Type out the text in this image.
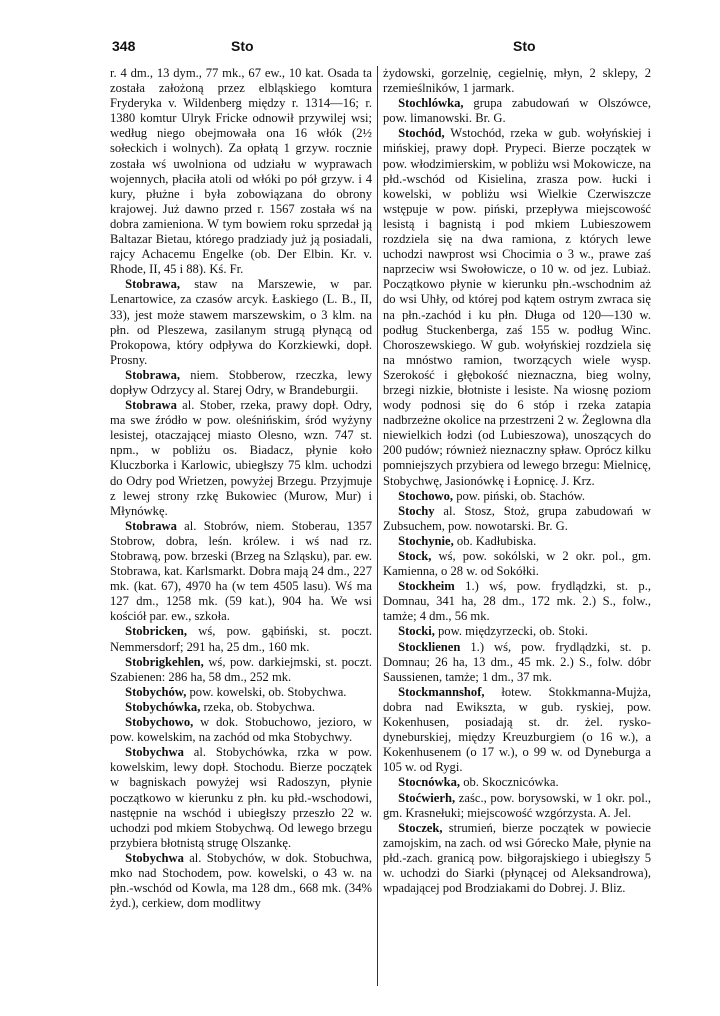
348	Sto	Sto

r. 4 dm., 13 dym., 77 mk., 67 ew., 10 kat. Osada ta została założoną przez elbląskiego komtura Fryderyka v. Wildenberg między r. 1314—16; r. 1380 komtur Ulryk Fricke odnowił przywilej wsi; według niego obejmowała ona 16 włók (2½ sołeckich i wolnych). Za opłatą 1 grzyw. rocznie została wś uwolniona od udziału w wyprawach wojennych, płaciła atoli od włóki po pół grzyw. i 4 kury, płużne i była zobowiązana do obrony krajowej. Już dawno przed r. 1567 została wś na dobra zamieniona. W tym bowiem roku sprzedał ją Baltazar Bietau, którego pradziady już ją posiadali, rajcy Achacemu Engelke (ob. Der Elbin. Kr. v. Rhode, II, 45 i 88). Kś. Fr.

Stobrawa, staw na Marszewie, w par. Lenartowice, za czasów arcyk. Łaskiego (L. B., II, 33), jest może stawem marszewskim, o 3 klm. na płn. od Pleszewa, zasilanym strugą płynącą od Prokopowa, który odpływa do Korzkiewki, dopł. Prosny.

Stobrawa, niem. Stobberow, rzeczka, lewy dopływ Odrzycy al. Starej Odry, w Brandeburgii.

Stobrawa al. Stober, rzeka, prawy dopł. Odry, ma swe źródło w pow. oleśnińskim, śród wyżyny lesistej, otaczającej miasto Olesno, wzn. 747 st. npm., w pobliżu os. Biadacz, płynie koło Kluczborka i Karlowic, ubiegłszy 75 klm. uchodzi do Odry pod Wrietzen, powyżej Brzegu. Przyjmuje z lewej strony rzkę Bukowiec (Murow, Mur) i Młynówkę.

Stobrawa al. Stobrów, niem. Stoberau, 1357 Stobrow, dobra, leśn. królew. i wś nad rz. Stobrawą, pow. brzeski (Brzeg na Szląsku), par. ew. Stobrawa, kat. Karlsmarkt. Dobra mają 24 dm., 227 mk. (kat. 67), 4970 ha (w tem 4505 lasu). Wś ma 127 dm., 1258 mk. (59 kat.), 904 ha. We wsi kościół par. ew., szkoła.

Stobricken, wś, pow. gąbiński, st. poczt. Nemmersdorf; 291 ha, 25 dm., 160 mk.

Stobrigkehlen, wś, pow. darkiejmski, st. poczt. Szabienen: 286 ha, 58 dm., 252 mk.

Stobychów, pow. kowelski, ob. Stobychwa.

Stobychówka, rzeka, ob. Stobychwa.

Stobychowo, w dok. Stobuchowo, jezioro, w pow. kowelskim, na zachód od mka Stobychwy.

Stobychwa al. Stobychówka, rzka w pow. kowelskim, lewy dopł. Stochodu. Bierze początek w bagniskach powyżej wsi Radoszyn, płynie początkowo w kierunku z płn. ku płd.-wschodowi, następnie na wschód i ubiegłszy przeszło 22 w. uchodzi pod mkiem Stobychwą. Od lewego brzegu przybiera błotnistą strugę Olszankę.

Stobychwa al. Stobychów, w dok. Stobuchwa, mko nad Stochodem, pow. kowelski, o 43 w. na płn.-wschód od Kowla, ma 128 dm., 668 mk. (34% żyd.), cerkiew, dom modlitwy

żydowski, gorzelnię, cegielnię, młyn, 2 sklepy, 2 rzemieślników, 1 jarmark.

Stochlówka, grupa zabudowań w Olszówce, pow. limanowski. Br. G.

Stochód, Wstochód, rzeka w gub. wołyńskiej i mińskiej, prawy dopł. Prypeci. Bierze początek w pow. włodzimierskim, w pobliżu wsi Mokowicze, na płd.-wschód od Kisielina, zrasza pow. łucki i kowelski, w pobliżu wsi Wielkie Czerwiszcze wstępuje w pow. piński, przepływa miejscowość lesistą i bagnistą i pod mkiem Lubieszowem rozdziela się na dwa ramiona, z których lewe uchodzi nawprost wsi Chocimia o 3 w., prawe zaś naprzeciw wsi Swołowicze, o 10 w. od jez. Lubiaż. Początkowo płynie w kierunku płn.-wschodnim aż do wsi Uhły, od której pod kątem ostrym zwraca się na płn.-zachód i ku płn. Długa od 120—130 w. podług Stuckenberga, zaś 155 w. podług Winc. Choroszewskiego. W gub. wołyńskiej rozdziela się na mnóstwo ramion, tworzących wiele wysp. Szerokość i głębokość nieznaczna, bieg wolny, brzegi nizkie, błotniste i lesiste. Na wiosnę poziom wody podnosi się do 6 stóp i rzeka zatapia nadbrzeżne okolice na przestrzeni 2 w. Żeglowna dla niewielkich łodzi (od Lubieszowa), unoszących do 200 pudów; również nieznaczny spław. Oprócz kilku pomniejszych przybiera od lewego brzegu: Mielnicę, Stobychwę, Jasionówkę i Łopnicę. J. Krz.

Stochowo, pow. piński, ob. Stachów.

Stochy al. Stosz, Stoż, grupa zabudowań w Zubsuchem, pow. nowotarski. Br. G.

Stochynie, ob. Kadłubiska.

Stock, wś, pow. sokólski, w 2 okr. pol., gm. Kamienna, o 28 w. od Sokółki.

Stockheim 1.) wś, pow. frydlądzki, st. p., Domnau, 341 ha, 28 dm., 172 mk. 2.) S., folw., tamże; 4 dm., 56 mk.

Stocki, pow. międzyrzecki, ob. Stoki.

Stocklienen 1.) wś, pow. frydlądzki, st. p. Domnau; 26 ha, 13 dm., 45 mk. 2.) S., folw. dóbr Saussienen, tamże; 1 dm., 37 mk.

Stockmannshof, łotew. Stokkmanna-Mujża, dobra nad Ewikszta, w gub. ryskiej, pow. Kokenhusen, posiadają st. dr. żel. rysko-dyneburskiej, między Kreuzburgiem (o 16 w.), a Kokenhusenem (o 17 w.), o 99 w. od Dyneburga a 105 w. od Rygi.

Stocnówka, ob. Skocznicówka.

Stoćwierh, zaśc., pow. borysowski, w 1 okr. pol., gm. Krasnełuki; miejscowość wzgórzysta. A. Jel.

Stoczek, strumień, bierze początek w powiecie zamojskim, na zach. od wsi Górecko Małe, płynie na płd.-zach. granicą pow. biłgorajskiego i ubiegłszy 5 w. uchodzi do Siarki (płynącej od Aleksandrowa), wpadającej pod Brodziakami do Dobrej. J. Bliz.
